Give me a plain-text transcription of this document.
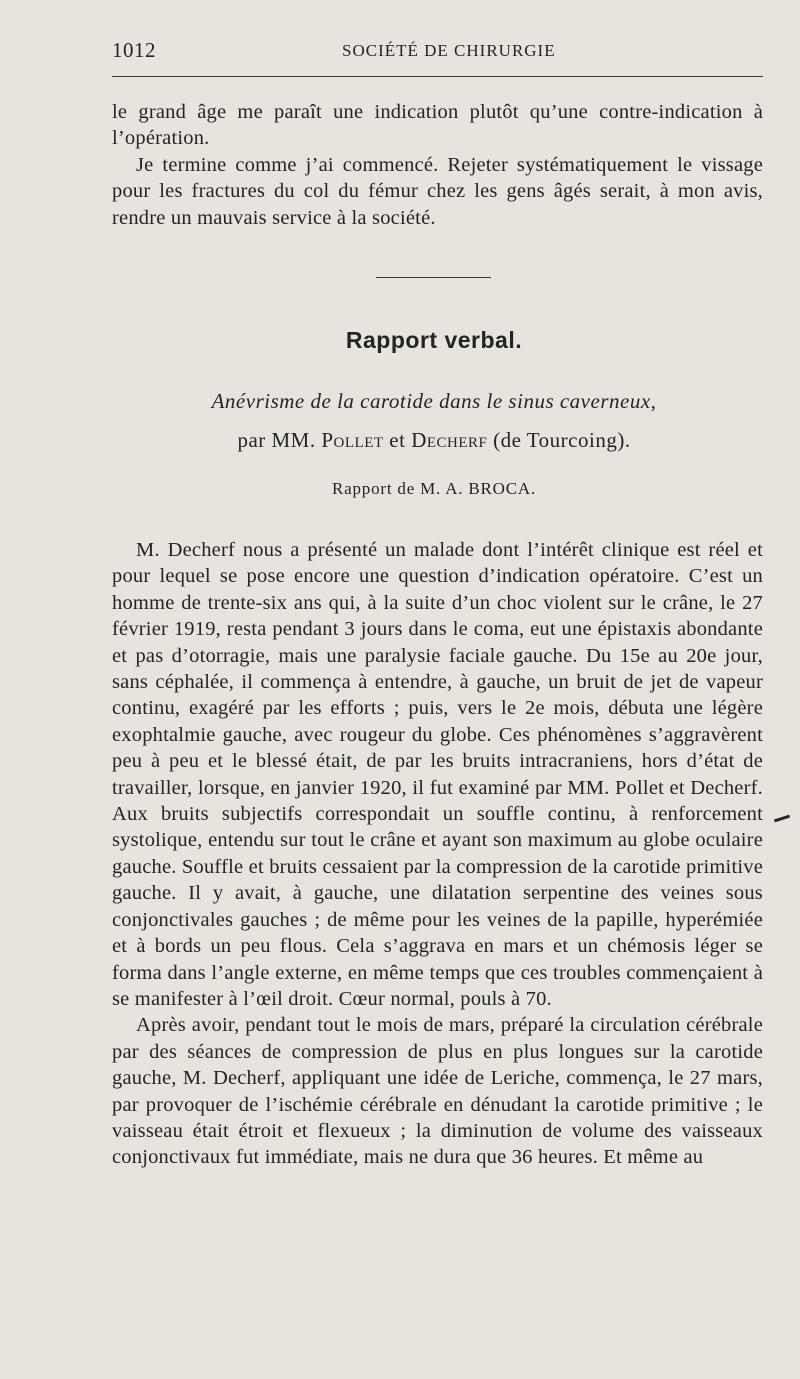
1012	SOCIÉTÉ DE CHIRURGIE

le grand âge me paraît une indication plutôt qu’une contre-indication à l’opération.

Je termine comme j’ai commencé. Rejeter systématiquement le vissage pour les fractures du col du fémur chez les gens âgés serait, à mon avis, rendre un mauvais service à la société.

Rapport verbal.
Anévrisme de la carotide dans le sinus caverneux,
par MM. Pollet et Decherf (de Tourcoing).
Rapport de M. A. BROCA.

M. Decherf nous a présenté un malade dont l’intérêt clinique est réel et pour lequel se pose encore une question d’indication opératoire. C’est un homme de trente-six ans qui, à la suite d’un choc violent sur le crâne, le 27 février 1919, resta pendant 3 jours dans le coma, eut une épistaxis abondante et pas d’otorragie, mais une paralysie faciale gauche. Du 15e au 20e jour, sans céphalée, il commença à entendre, à gauche, un bruit de jet de vapeur continu, exagéré par les efforts ; puis, vers le 2e mois, débuta une légère exophtalmie gauche, avec rougeur du globe. Ces phénomènes s’aggravèrent peu à peu et le blessé était, de par les bruits intracraniens, hors d’état de travailler, lorsque, en janvier 1920, il fut examiné par MM. Pollet et Decherf. Aux bruits subjectifs correspondait un souffle continu, à renforcement systolique, entendu sur tout le crâne et ayant son maximum au globe oculaire gauche. Souffle et bruits cessaient par la compression de la carotide primitive gauche. Il y avait, à gauche, une dilatation serpentine des veines sous conjonctivales gauches ; de même pour les veines de la papille, hyperémiée et à bords un peu flous. Cela s’aggrava en mars et un chémosis léger se forma dans l’angle externe, en même temps que ces troubles commençaient à se manifester à l’œil droit. Cœur normal, pouls à 70.

Après avoir, pendant tout le mois de mars, préparé la circulation cérébrale par des séances de compression de plus en plus longues sur la carotide gauche, M. Decherf, appliquant une idée de Leriche, commença, le 27 mars, par provoquer de l’ischémie cérébrale en dénudant la carotide primitive ; le vaisseau était étroit et flexueux ; la diminution de volume des vaisseaux conjonctivaux fut immédiate, mais ne dura que 36 heures. Et même au
